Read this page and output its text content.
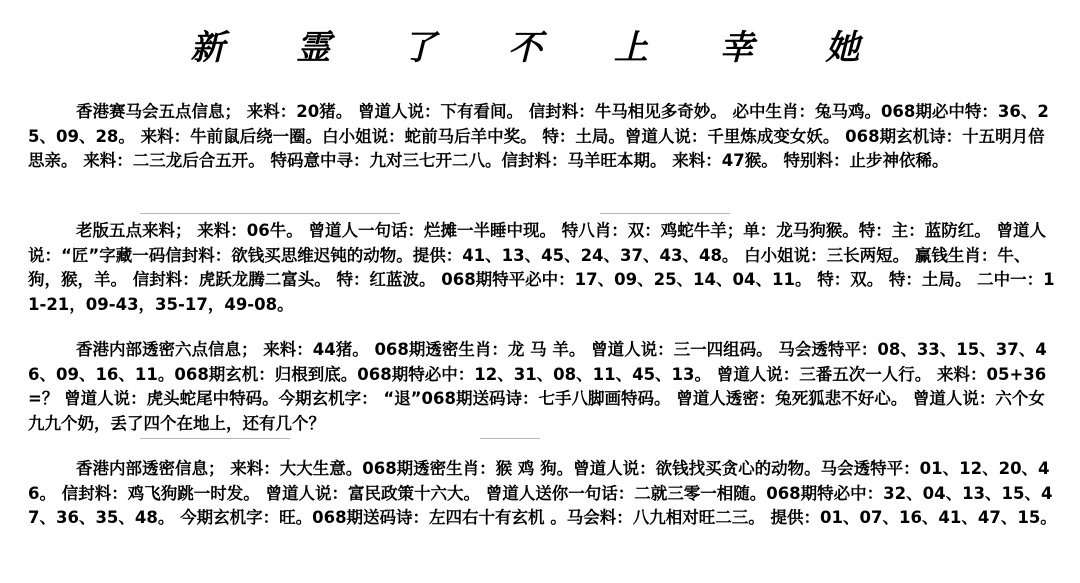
新 霊 了 不 上 幸 她

香港赛马会五点信息； 来料：20猪。 曾道人说：下有看间。 信封料：牛马相见多奇妙。 必中生肖：兔马鸡。068期必中特：36、25、09、28。 来料：牛前鼠后绕一圈。白小姐说：蛇前马后羊中奖。 特：土局。曾道人说：千里炼成变女妖。 068期玄机诗：十五明月倍思亲。 来料：二三龙后合五开。 特码意中寻：九对三七开二八。信封料：马羊旺本期。 来料：47猴。 特别料：止步神依稀。

老版五点来料； 来料：06牛。 曾道人一句话：烂摊一半睡中现。 特八肖：双：鸡蛇牛羊；单：龙马狗猴。特：主：蓝防红。 曾道人说：“匠”字藏一码信封料：欲钱买思维迟钝的动物。提供：41、13、45、24、37、43、48。 白小姐说：三长两短。 赢钱生肖：牛、狗，猴，羊。 信封料：虎跃龙腾二富头。 特：红蓝波。 068期特平必中：17、09、25、14、04、11。 特：双。 特：土局。 二中一：11-21，09-43，35-17，49-08。

香港内部透密六点信息； 来料：44猪。 068期透密生肖：龙 马 羊。 曾道人说：三一四组码。 马会透特平：08、33、15、37、46、09、16、11。068期玄机：归根到底。068期特必中：12、31、08、11、45、13。 曾道人说：三番五次一人行。 来料：05+36=？ 曾道人说：虎头蛇尾中特码。今期玄机字： “退”068期送码诗：七手八脚画特码。 曾道人透密：兔死狐悲不好心。 曾道人说：六个女九九个奶，丢了四个在地上，还有几个？

香港内部透密信息； 来料：大大生意。068期透密生肖：猴 鸡 狗。曾道人说：欲钱找买贪心的动物。马会透特平：01、12、20、46。 信封料：鸡飞狗跳一时发。 曾道人说：富民政策十六大。 曾道人送你一句话：二就三零一相随。068期特必中：32、04、13、15、47、36、35、48。 今期玄机字：旺。068期送码诗：左四右十有玄机 。马会料：八九相对旺二三。 提供：01、07、16、41、47、15。
